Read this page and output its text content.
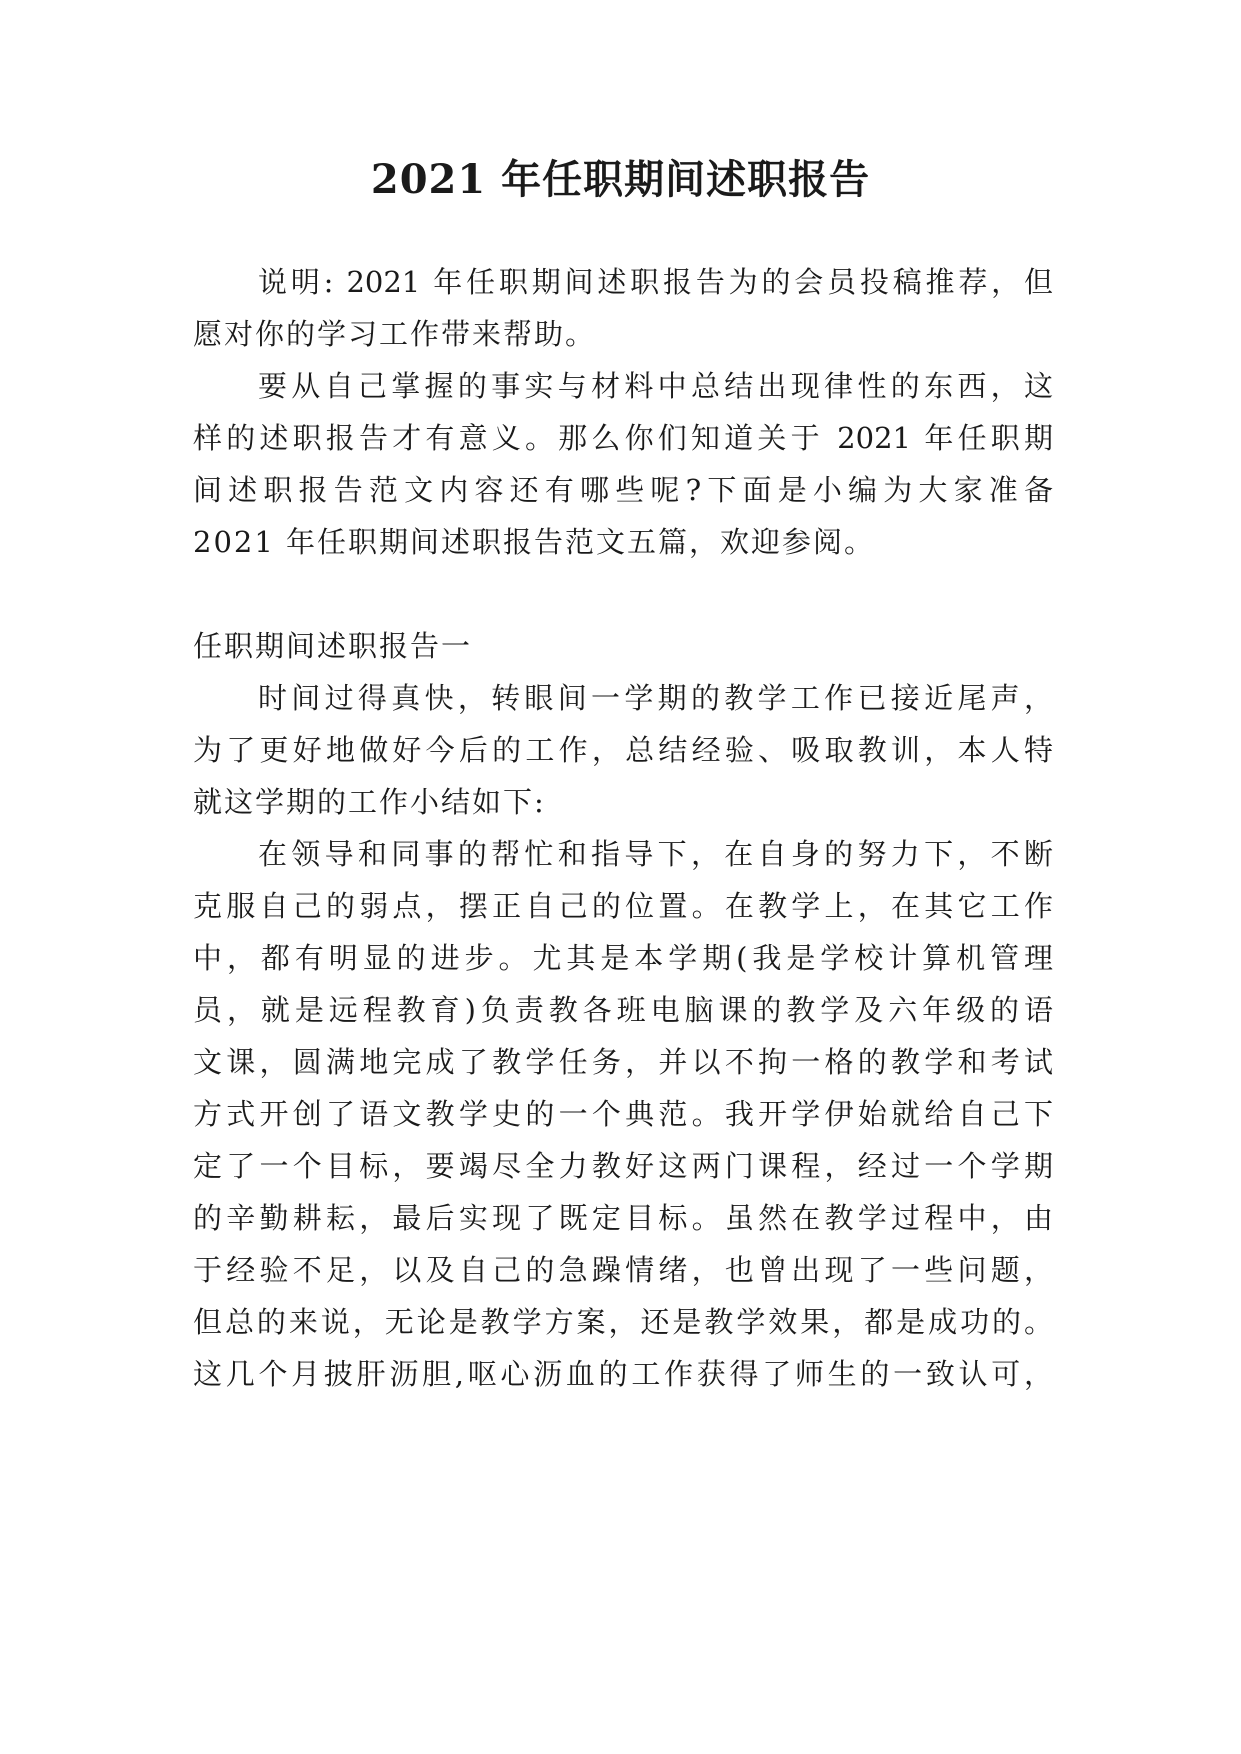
2021 年任职期间述职报告
说明: 2021 年任职期间述职报告为的会员投稿推荐，但
愿对你的学习工作带来帮助。
要从自己掌握的事实与材料中总结出现律性的东西，这
样的述职报告才有意义。那么你们知道关于 2021 年任职期
间述职报告范文内容还有哪些呢?下面是小编为大家准备
2021 年任职期间述职报告范文五篇，欢迎参阅。
任职期间述职报告一
时间过得真快，转眼间一学期的教学工作已接近尾声，
为了更好地做好今后的工作，总结经验、吸取教训，本人特
就这学期的工作小结如下:
在领导和同事的帮忙和指导下，在自身的努力下，不断
克服自己的弱点，摆正自己的位置。在教学上，在其它工作
中，都有明显的进步。尤其是本学期(我是学校计算机管理
员，就是远程教育)负责教各班电脑课的教学及六年级的语
文课，圆满地完成了教学任务，并以不拘一格的教学和考试
方式开创了语文教学史的一个典范。我开学伊始就给自己下
定了一个目标，要竭尽全力教好这两门课程，经过一个学期
的辛勤耕耘，最后实现了既定目标。虽然在教学过程中，由
于经验不足，以及自己的急躁情绪，也曾出现了一些问题，
但总的来说，无论是教学方案，还是教学效果，都是成功的。
这几个月披肝沥胆,呕心沥血的工作获得了师生的一致认可，
